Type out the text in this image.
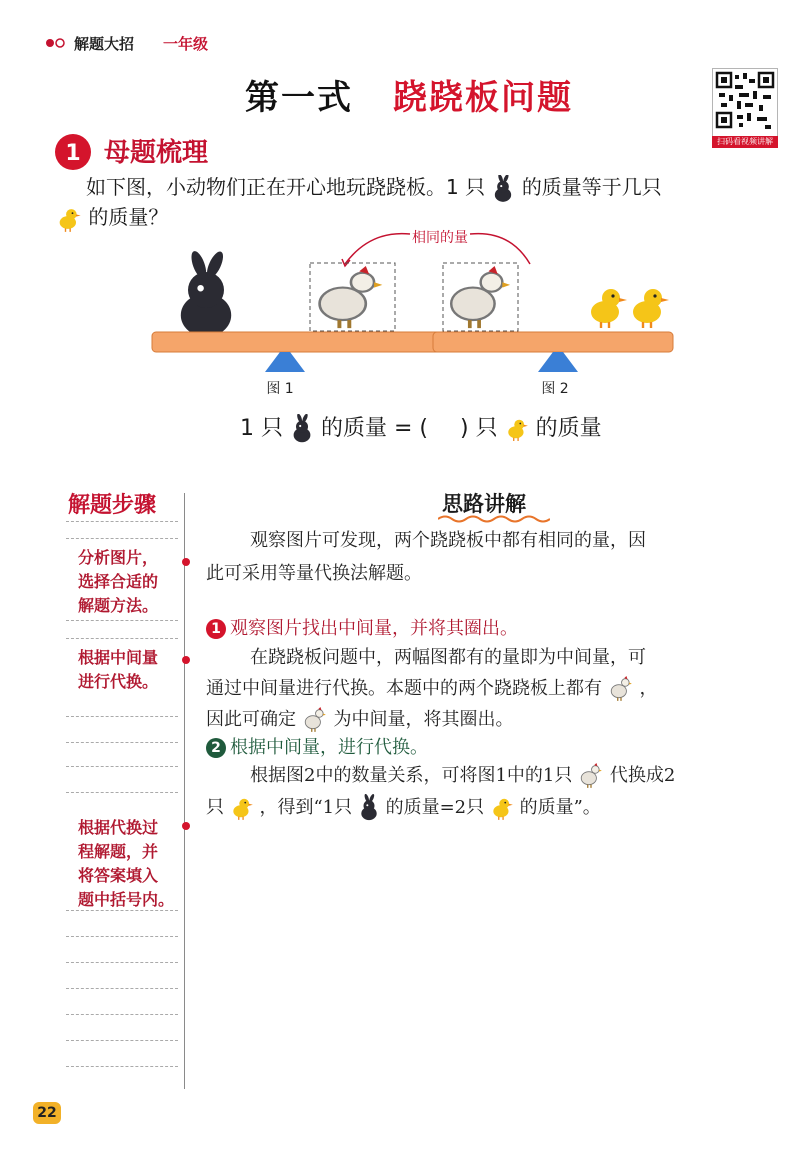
解题大招 一年级
第一式 跷跷板问题
扫码看视频讲解
1 母题梳理
如下图，小动物们正在开心地玩跷跷板。1 只 的质量等于几只
的质量？
相同的量
图 1	图 2
1 只 的质量 = ( ) 只 的质量
解题步骤
分析图片，
选择合适的
解题方法。
根据中间量
进行代换。
根据代换过
程解题，并
将答案填入
题中括号内。
思路讲解
观察图片可发现，两个跷跷板中都有相同的量，因
此可采用等量代换法解题。
1 观察图片找出中间量，并将其圈出。
在跷跷板问题中，两幅图都有的量即为中间量，可
通过中间量进行代换。本题中的两个跷跷板上都有 ，
因此可确定 为中间量，将其圈出。
2 根据中间量，进行代换。
根据图2中的数量关系，可将图1中的1只 代换成2
只 ，得到“1只 的质量=2只 的质量”。
22
